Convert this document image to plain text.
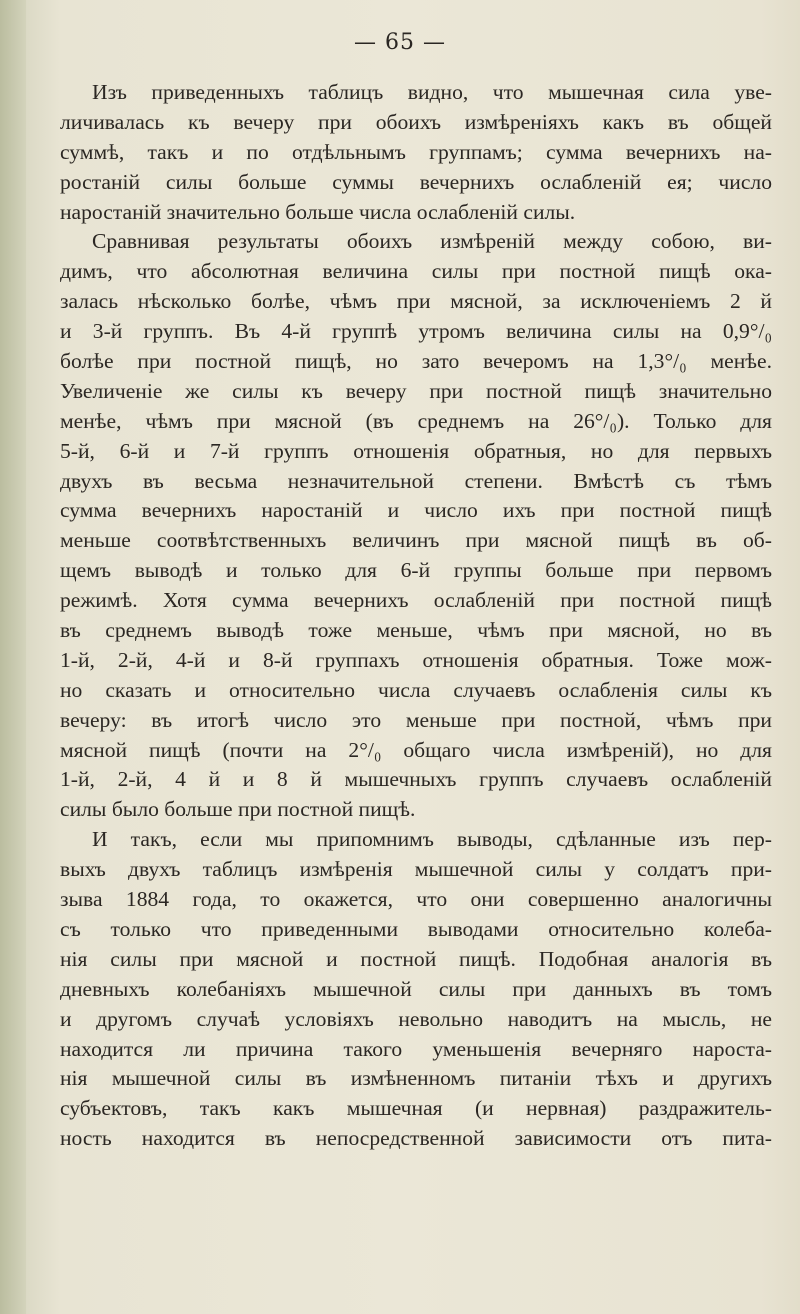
— 65 —
Изъ приведенныхъ таблицъ видно, что мышечная сила уве-
личивалась къ вечеру при обоихъ измѣреніяхъ какъ въ общей
суммѣ, такъ и по отдѣльнымъ группамъ; сумма вечернихъ на-
ростаній силы больше суммы вечернихъ ослабленій ея; число
наростаній значительно больше числа ослабленій силы.
Сравнивая результаты обоихъ измѣреній между собою, ви-
димъ, что абсолютная величина силы при постной пищѣ ока-
залась нѣсколько болѣе, чѣмъ при мясной, за исключеніемъ 2 й
и 3-й группъ. Въ 4-й группѣ утромъ величина силы на 0,9°/₀
болѣе при постной пищѣ, но зато вечеромъ на 1,3°/₀ менѣе.
Увеличеніе же силы къ вечеру при постной пищѣ значительно
менѣе, чѣмъ при мясной (въ среднемъ на 26°/₀). Только для
5-й, 6-й и 7-й группъ отношенія обратныя, но для первыхъ
двухъ въ весьма незначительной степени. Вмѣстѣ съ тѣмъ
сумма вечернихъ наростаній и число ихъ при постной пищѣ
меньше соотвѣтственныхъ величинъ при мясной пищѣ въ об-
щемъ выводѣ и только для 6-й группы больше при первомъ
режимѣ. Хотя сумма вечернихъ ослабленій при постной пищѣ
въ среднемъ выводѣ тоже меньше, чѣмъ при мясной, но въ
1-й, 2-й, 4-й и 8-й группахъ отношенія обратныя. Тоже мож-
но сказать и относительно числа случаевъ ослабленія силы къ
вечеру: въ итогѣ число это меньше при постной, чѣмъ при
мясной пищѣ (почти на 2°/₀ общаго числа измѣреній), но для
1-й, 2-й, 4 й и 8 й мышечныхъ группъ случаевъ ослабленій
силы было больше при постной пищѣ.
И такъ, если мы припомнимъ выводы, сдѣланные изъ пер-
выхъ двухъ таблицъ измѣренія мышечной силы у солдатъ при-
зыва 1884 года, то окажется, что они совершенно аналогичны
съ только что приведенными выводами относительно колеба-
нія силы при мясной и постной пищѣ. Подобная аналогія въ
дневныхъ колебаніяхъ мышечной силы при данныхъ въ томъ
и другомъ случаѣ условіяхъ невольно наводитъ на мысль, не
находится ли причина такого уменьшенія вечерняго нароста-
нія мышечной силы въ измѣненномъ питаніи тѣхъ и другихъ
субъектовъ, такъ какъ мышечная (и нервная) раздражитель-
ность находится въ непосредственной зависимости отъ пита-
